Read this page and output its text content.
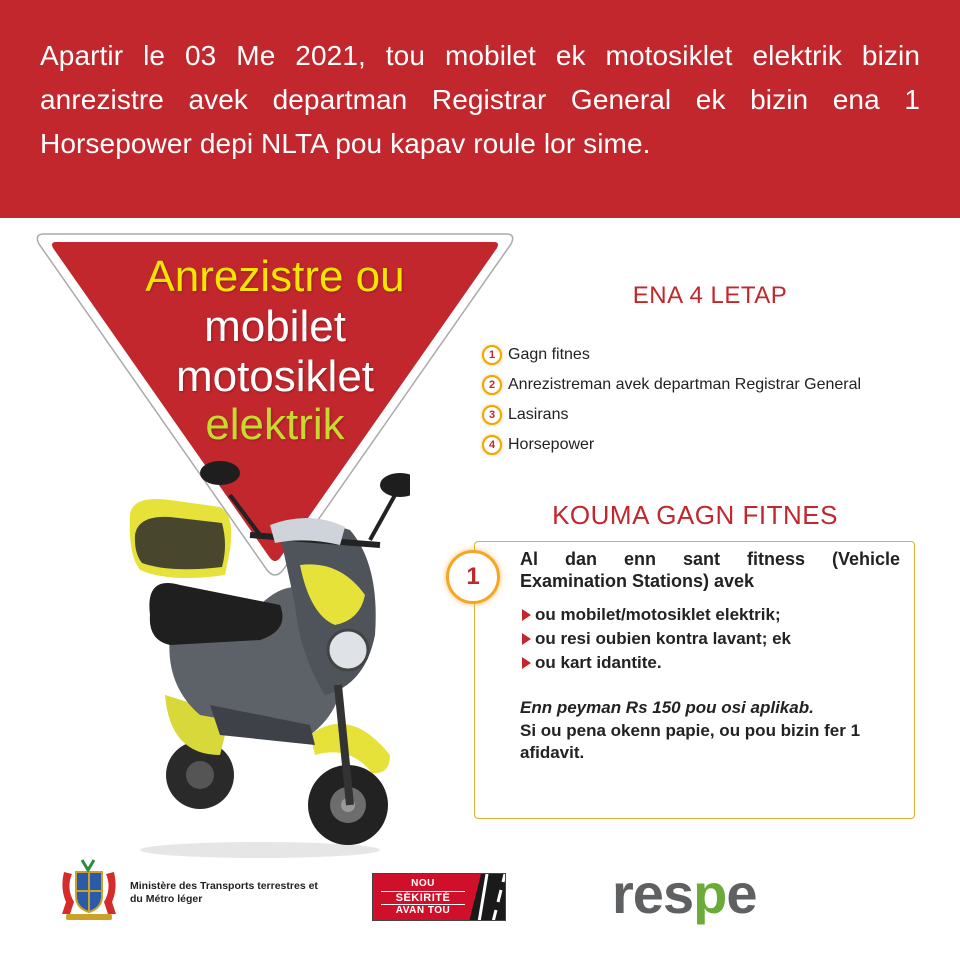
Apartir le 03 Me 2021, tou mobilet ek motosiklet elektrik bizin anrezistre avek departman Registrar General ek bizin ena 1 Horsepower depi NLTA pou kapav roule lor sime.

Anrezistre ou
mobilet
motosiklet
elektrik
ENA 4 LETAP
1 Gagn fitnes
2 Anrezistreman avek departman Registrar General
3 Lasirans
4 Horsepower
KOUMA GAGN FITNES
1

Al dan enn sant fitness (Vehicle Examination Stations) avek

ou mobilet/motosiklet elektrik;
ou resi oubien kontra lavant; ek
ou kart idantite.

Enn peyman Rs 150 pou osi aplikab.

Si ou pena okenn papie, ou pou bizin fer 1 afidavit.

Ministère des Transports terrestres et du Métro léger
NOU
SÉKIRITÉ
AVAN TOU	respe
